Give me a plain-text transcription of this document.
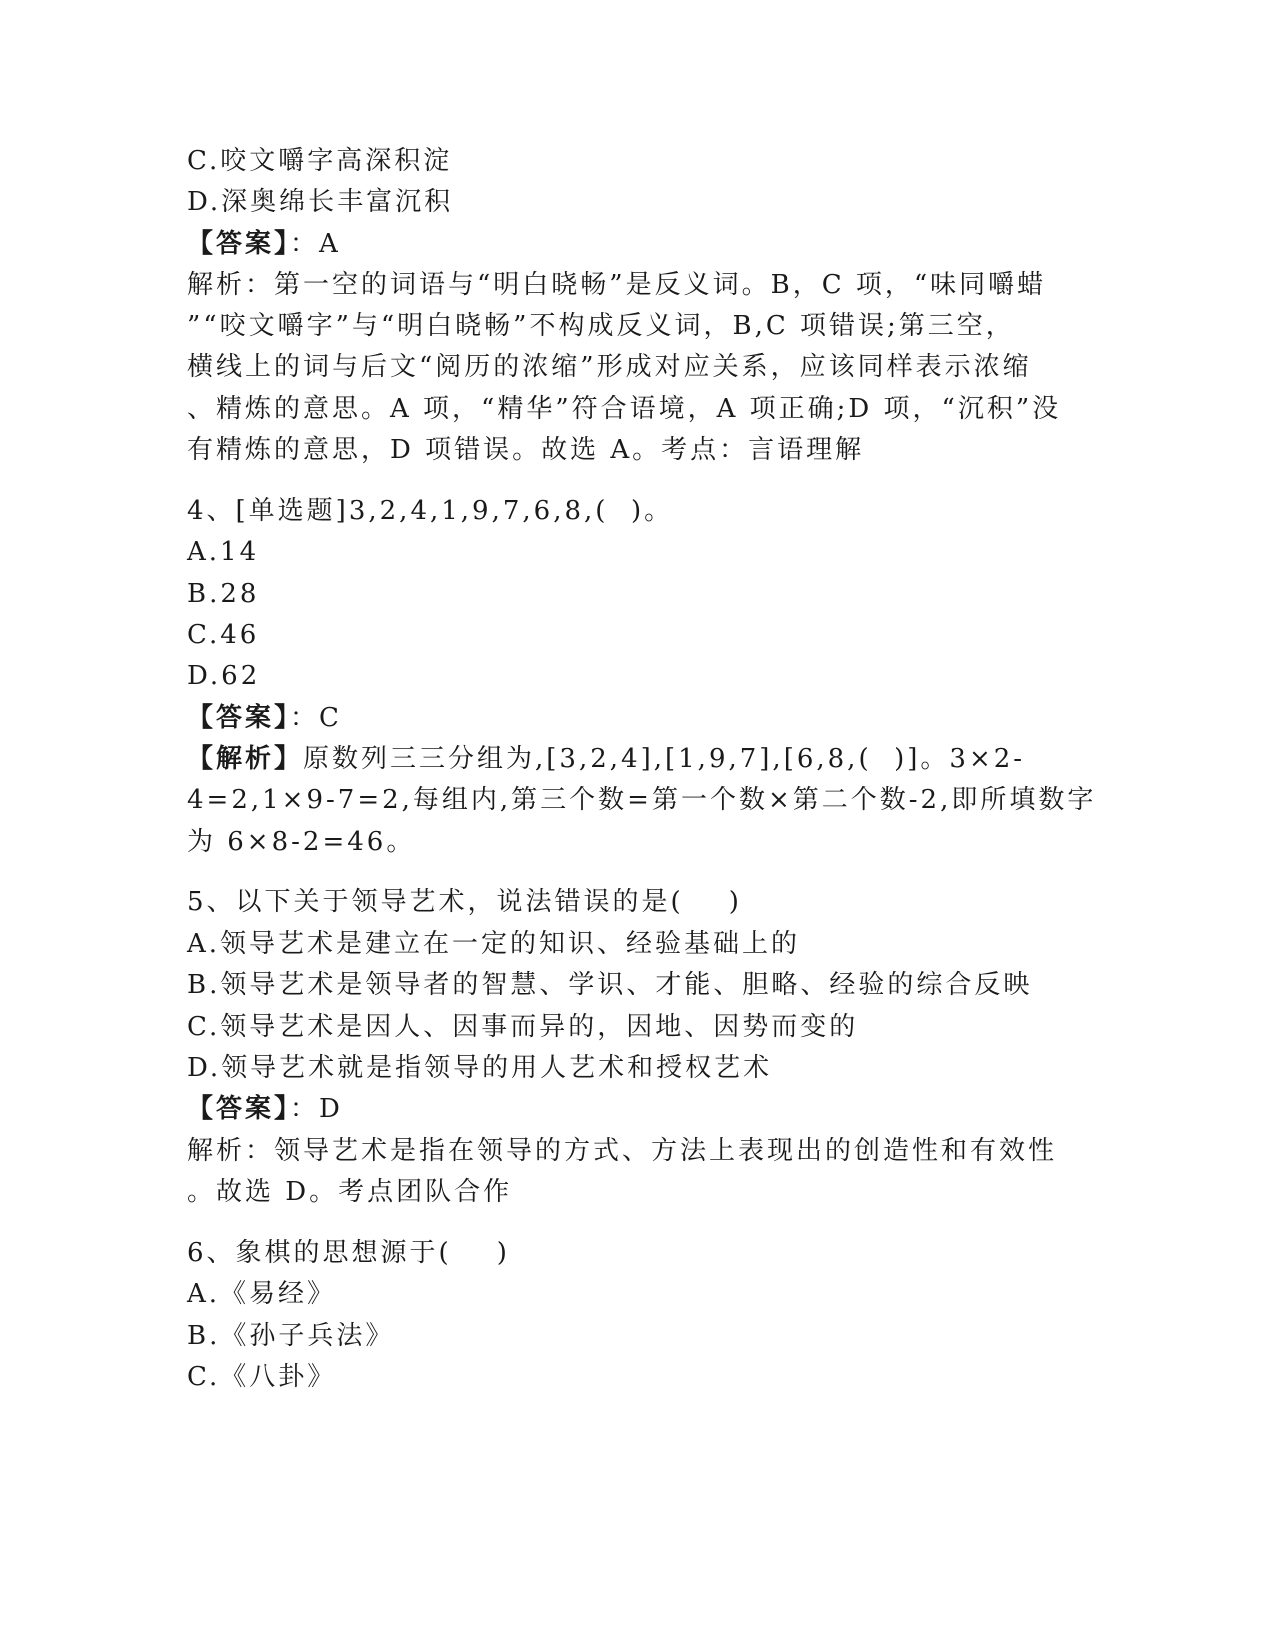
C.咬文嚼字高深积淀
D.深奥绵长丰富沉积
【答案】：A
解析：第一空的词语与“明白晓畅”是反义词。B，C 项，“味同嚼蜡
”“咬文嚼字”与“明白晓畅”不构成反义词，B,C 项错误;第三空，
横线上的词与后文“阅历的浓缩”形成对应关系，应该同样表示浓缩
、精炼的意思。A 项，“精华”符合语境，A 项正确;D 项，“沉积”没
有精炼的意思，D 项错误。故选 A。考点：言语理解
4、[单选题]3,2,4,1,9,7,6,8,(  )。
A.14
B.28
C.46
D.62
【答案】：C
【解析】原数列三三分组为,[3,2,4],[1,9,7],[6,8,(  )]。3×2-
4=2,1×9-7=2,每组内,第三个数=第一个数×第二个数-2,即所填数字
为 6×8-2=46。
5、以下关于领导艺术，说法错误的是(    )
A.领导艺术是建立在一定的知识、经验基础上的
B.领导艺术是领导者的智慧、学识、才能、胆略、经验的综合反映
C.领导艺术是因人、因事而异的，因地、因势而变的
D.领导艺术就是指领导的用人艺术和授权艺术
【答案】：D
解析：领导艺术是指在领导的方式、方法上表现出的创造性和有效性
。故选 D。考点团队合作
6、象棋的思想源于(    )
A.《易经》
B.《孙子兵法》
C.《八卦》
